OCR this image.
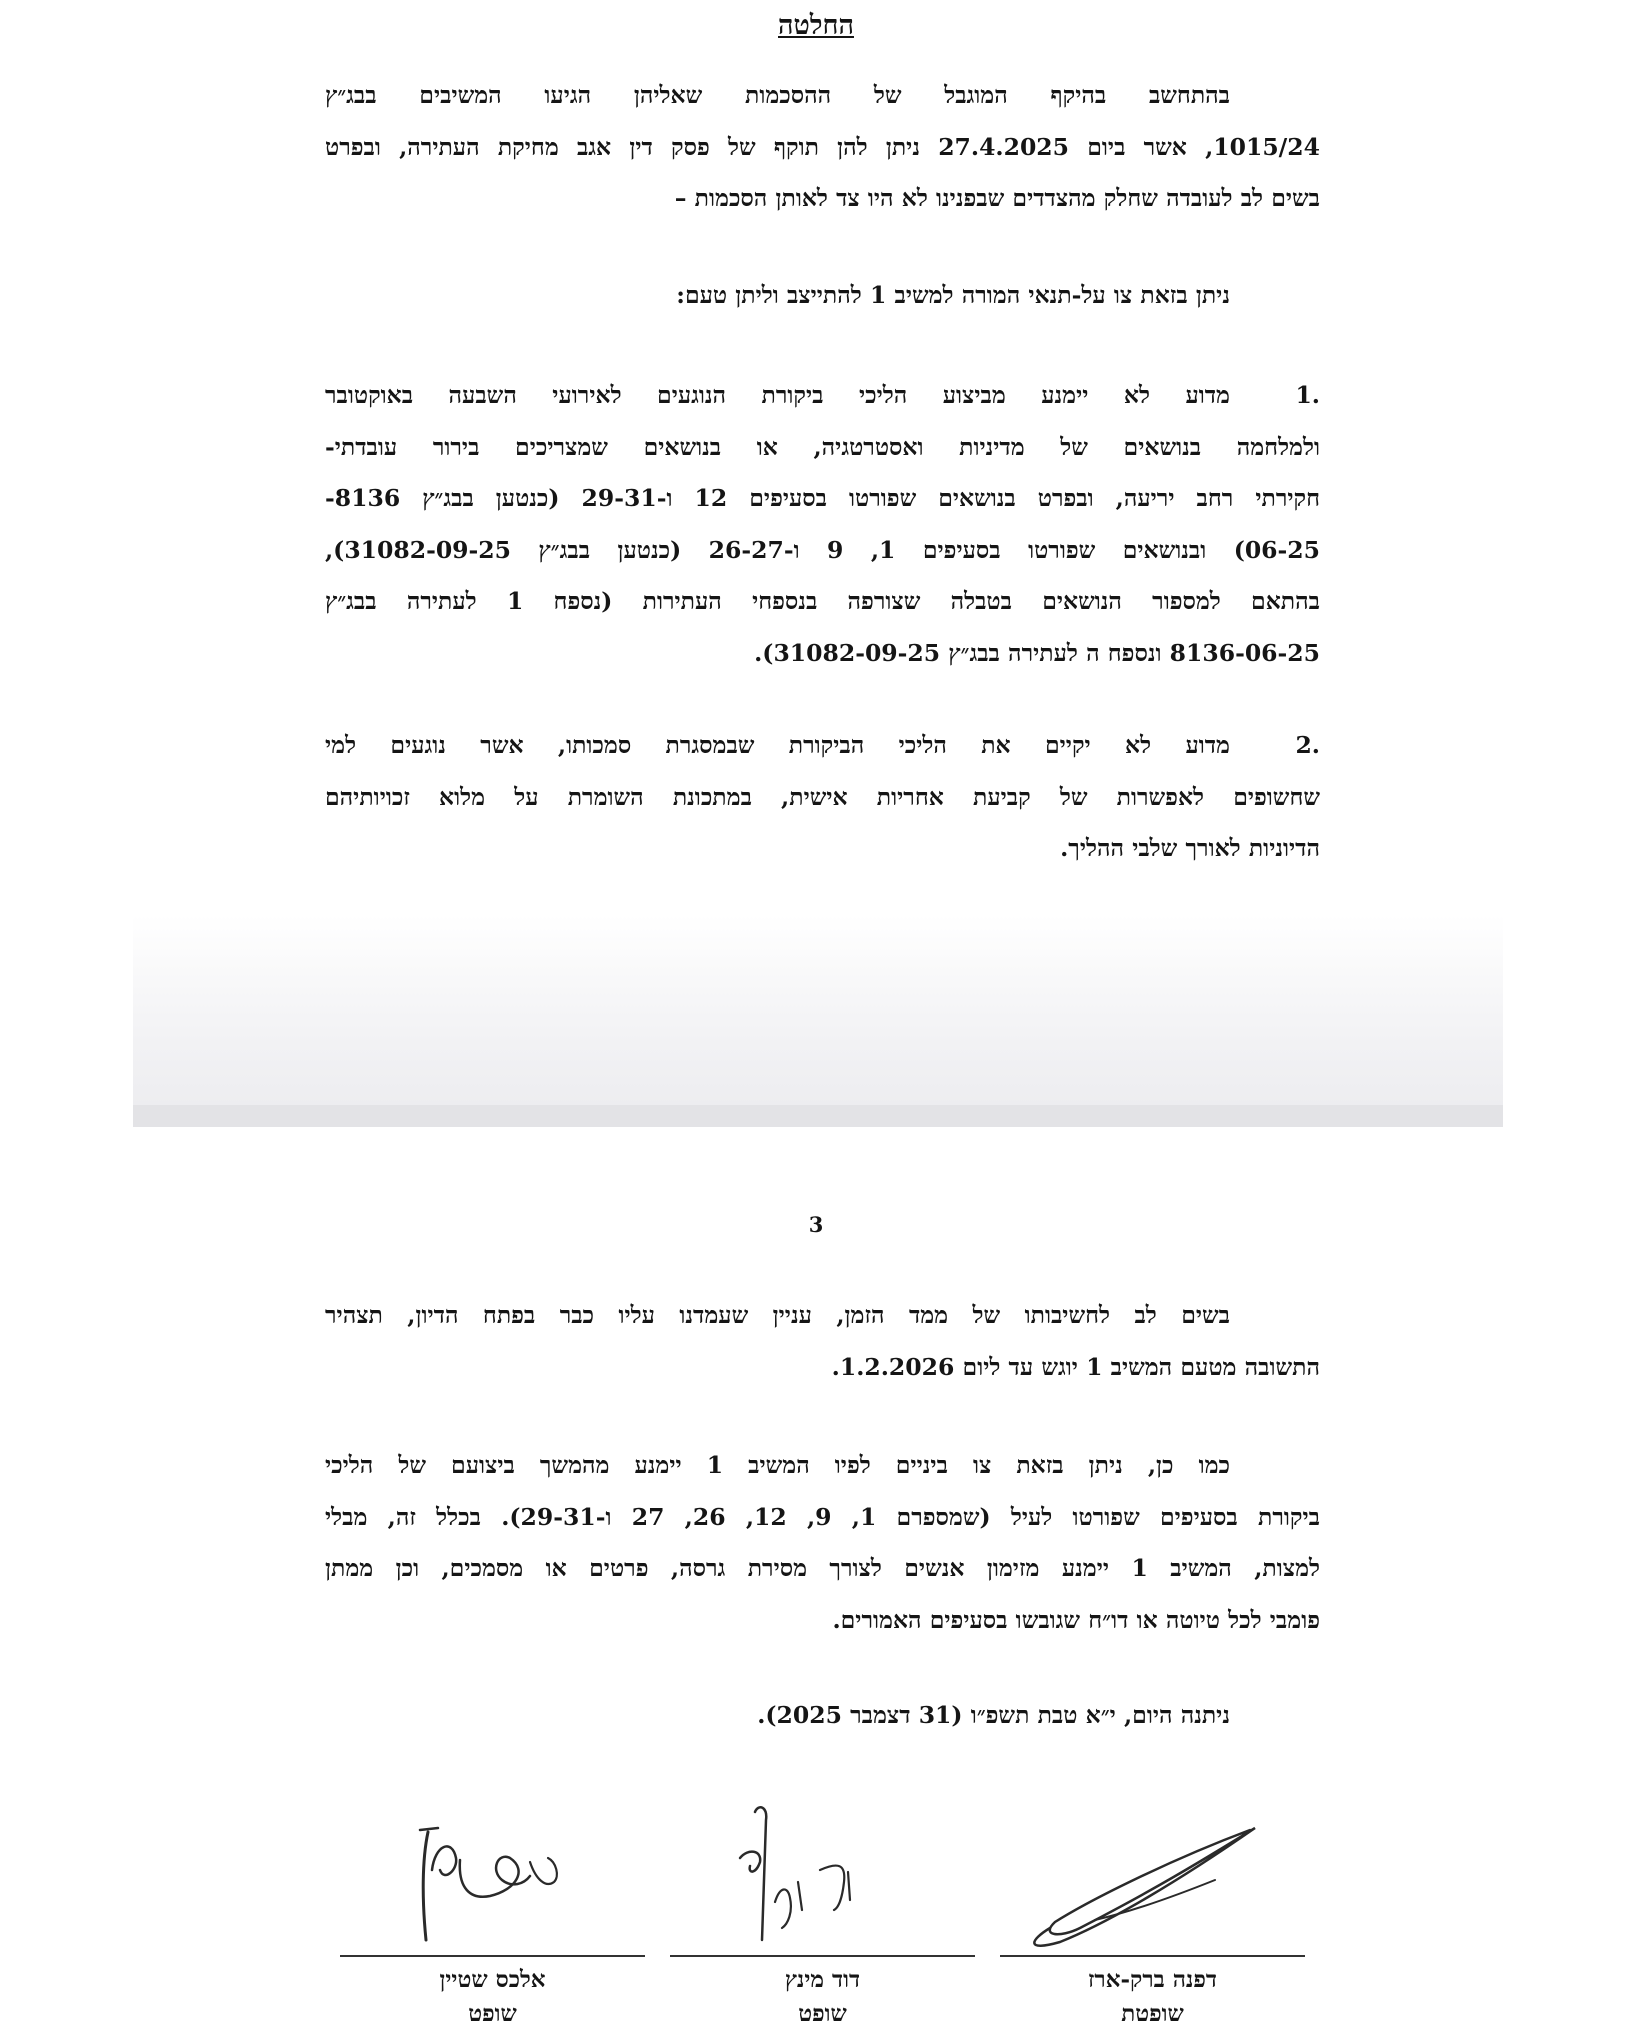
החלטה
בהתחשב בהיקף המוגבל של ההסכמות שאליהן הגיעו המשיבים בבג״ץ
1015/24, אשר ביום 27.4.2025 ניתן להן תוקף של פסק דין אגב מחיקת העתירה, ובפרט
בשים לב לעובדה שחלק מהצדדים שבפנינו לא היו צד לאותן הסכמות –
ניתן בזאת צו על-תנאי המורה למשיב 1 להתייצב וליתן טעם:
1.
מדוע לא יימנע מביצוע הליכי ביקורת הנוגעים לאירועי השבעה באוקטובר
ולמלחמה בנושאים של מדיניות ואסטרטגיה, או בנושאים שמצריכים בירור עובדתי-
חקירתי רחב יריעה, ובפרט בנושאים שפורטו בסעיפים 12 ו-29-31 (כנטען בבג״ץ 8136-
06-25) ובנושאים שפורטו בסעיפים 1, 9 ו-26-27 (כנטען בבג״ץ 31082-09-25),
בהתאם למספור הנושאים בטבלה שצורפה בנספחי העתירות (נספח 1 לעתירה בבג״ץ
8136-06-25 ונספח ה לעתירה בבג״ץ 31082-09-25).
2.
מדוע לא יקיים את הליכי הביקורת שבמסגרת סמכותו, אשר נוגעים למי
שחשופים לאפשרות של קביעת אחריות אישית, במתכונת השומרת על מלוא זכויותיהם
הדיוניות לאורך שלבי ההליך.
3
בשים לב לחשיבותו של ממד הזמן, עניין שעמדנו עליו כבר בפתח הדיון, תצהיר
התשובה מטעם המשיב 1 יוגש עד ליום 1.2.2026.
כמו כן, ניתן בזאת צו ביניים לפיו המשיב 1 יימנע מהמשך ביצועם של הליכי
ביקורת בסעיפים שפורטו לעיל (שמספרם 1, 9, 12, 26, 27 ו-29-31). בכלל זה, מבלי
למצות, המשיב 1 יימנע מזימון אנשים לצורך מסירת גרסה, פרטים או מסמכים, וכן ממתן
פומבי לכל טיוטה או דו״ח שגובשו בסעיפים האמורים.
ניתנה היום, י״א טבת תשפ״ו (31 דצמבר 2025).
דפנה ברק-ארז
שופטת
דוד מינץ
שופט
אלכס שטיין
שופט
